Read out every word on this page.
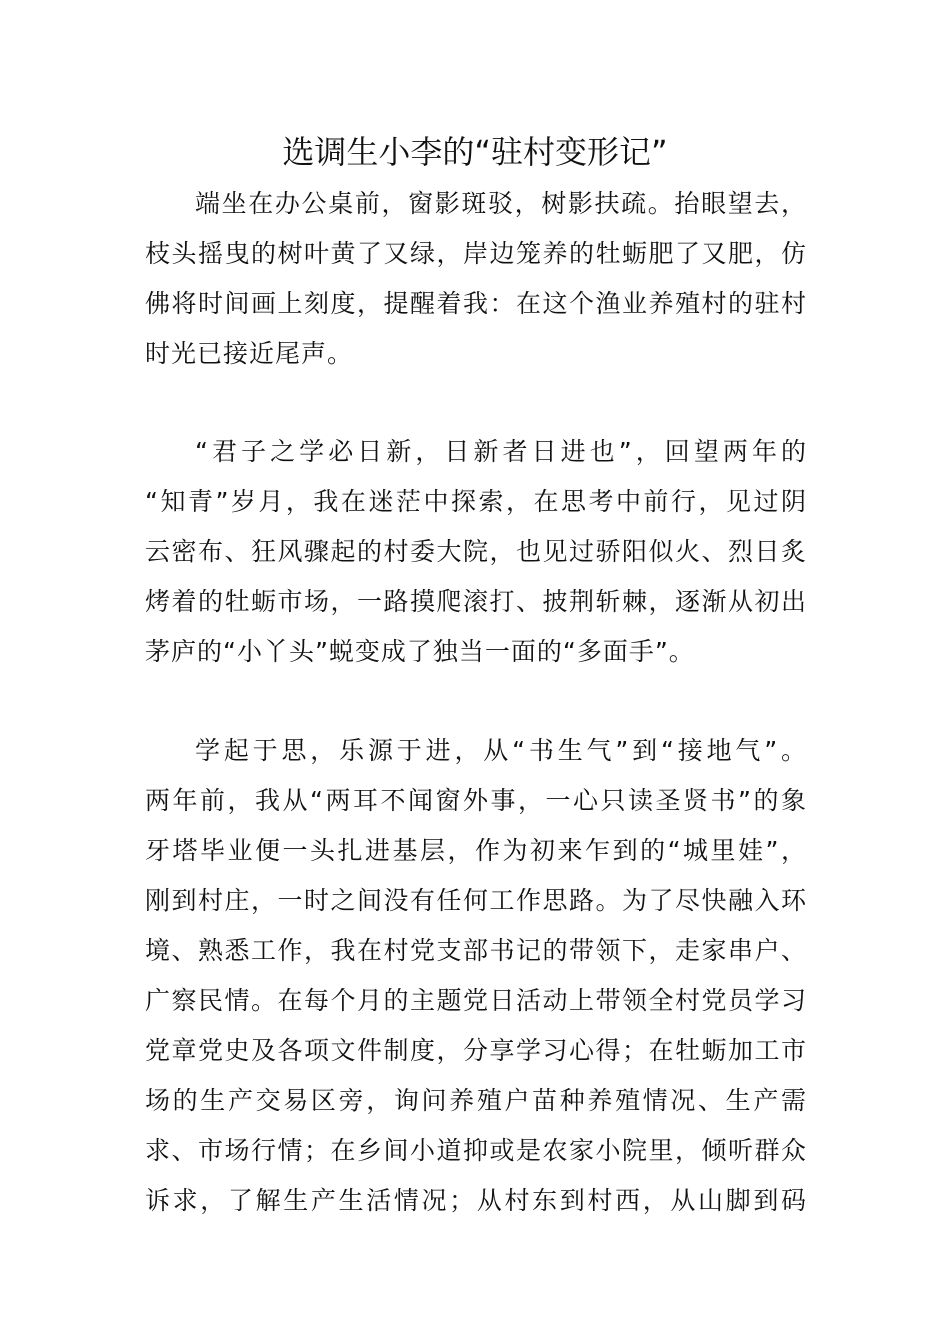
选调生小李的“驻村变形记”
端坐在办公桌前，窗影斑驳，树影扶疏。抬眼望去，
枝头摇曳的树叶黄了又绿，岸边笼养的牡蛎肥了又肥，仿
佛将时间画上刻度，提醒着我：在这个渔业养殖村的驻村
时光已接近尾声。
“君子之学必日新，日新者日进也”，回望两年的
“知青”岁月，我在迷茫中探索，在思考中前行，见过阴
云密布、狂风骤起的村委大院，也见过骄阳似火、烈日炙
烤着的牡蛎市场，一路摸爬滚打、披荆斩棘，逐渐从初出
茅庐的“小丫头”蜕变成了独当一面的“多面手”。
学起于思，乐源于进，从“书生气”到“接地气”。
两年前，我从“两耳不闻窗外事，一心只读圣贤书”的象
牙塔毕业便一头扎进基层，作为初来乍到的“城里娃”，
刚到村庄，一时之间没有任何工作思路。为了尽快融入环
境、熟悉工作，我在村党支部书记的带领下，走家串户、
广察民情。在每个月的主题党日活动上带领全村党员学习
党章党史及各项文件制度，分享学习心得；在牡蛎加工市
场的生产交易区旁，询问养殖户苗种养殖情况、生产需
求、市场行情；在乡间小道抑或是农家小院里，倾听群众
诉求，了解生产生活情况；从村东到村西，从山脚到码
